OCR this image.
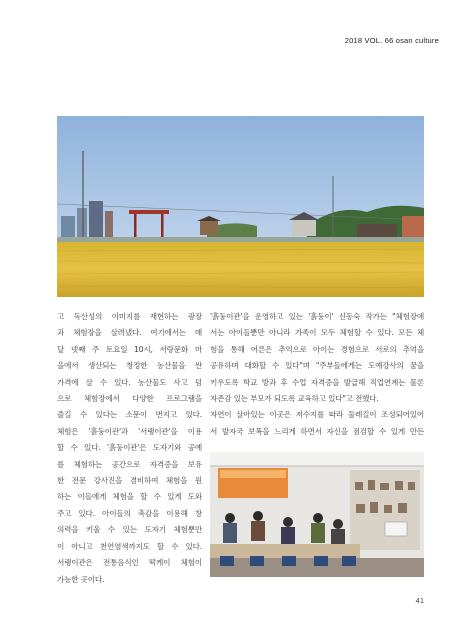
2018 VOL. 66 osan culture

고 독산성의 이미지를 재현하는 광장

과 체험장을 살려냈다. 여기에서는 매

달 넷째 주 토요일 10시, 서랑문화 마

을에서 생산되는 청정한 농산물을 싼

가격에 살 수 있다. 농산물도 사고 덤

으로 체험장에서 다양한 프로그램을

즐길 수 있다는 소문이 번지고 있다.

체험은 '흙둥이관'과 '서랭이관'을 이용

할 수 있다. '흙둥이관'은 도자기와 공예

를 체험하는 공간으로 자격증을 보유

한 전문 강사진을 겸비하여 체험을 원

하는 이들에게 체험을 할 수 있게 도와

주고 있다. 아이들의 촉감을 이용해 창

의력을 키울 수 있는 도자기 체험뿐만

이 아니고 천연염색까지도 할 수 있다.

서랭이관은 전통음식인 떡케이 체험이

가능한 곳이다.

'흙둥이관'을 운영하고 있는 '흙둥이' 신동숙 작가는 "체험장에

서는 아이들뿐만 아니라 가족이 모두 체험할 수 있다. 모든 체

험을 통해 어른은 추억으로 아이는 경험으로 서로의 추억을

공유하며 대화할 수 있다"며 "주부들에게는 도예강사의 꿈을

키우도록 학교 방과 후 수업 자격증을 발급해 직업연계는 물론

자존감 있는 부모가 되도록 교육하고 있다"고 전했다.

자연이 살아있는 이곳은 저수지를 따라 둘레길이 조성되어있어

서 발자국 보폭을 느리게 하면서 자신을 점검할 수 있게 만든

41
